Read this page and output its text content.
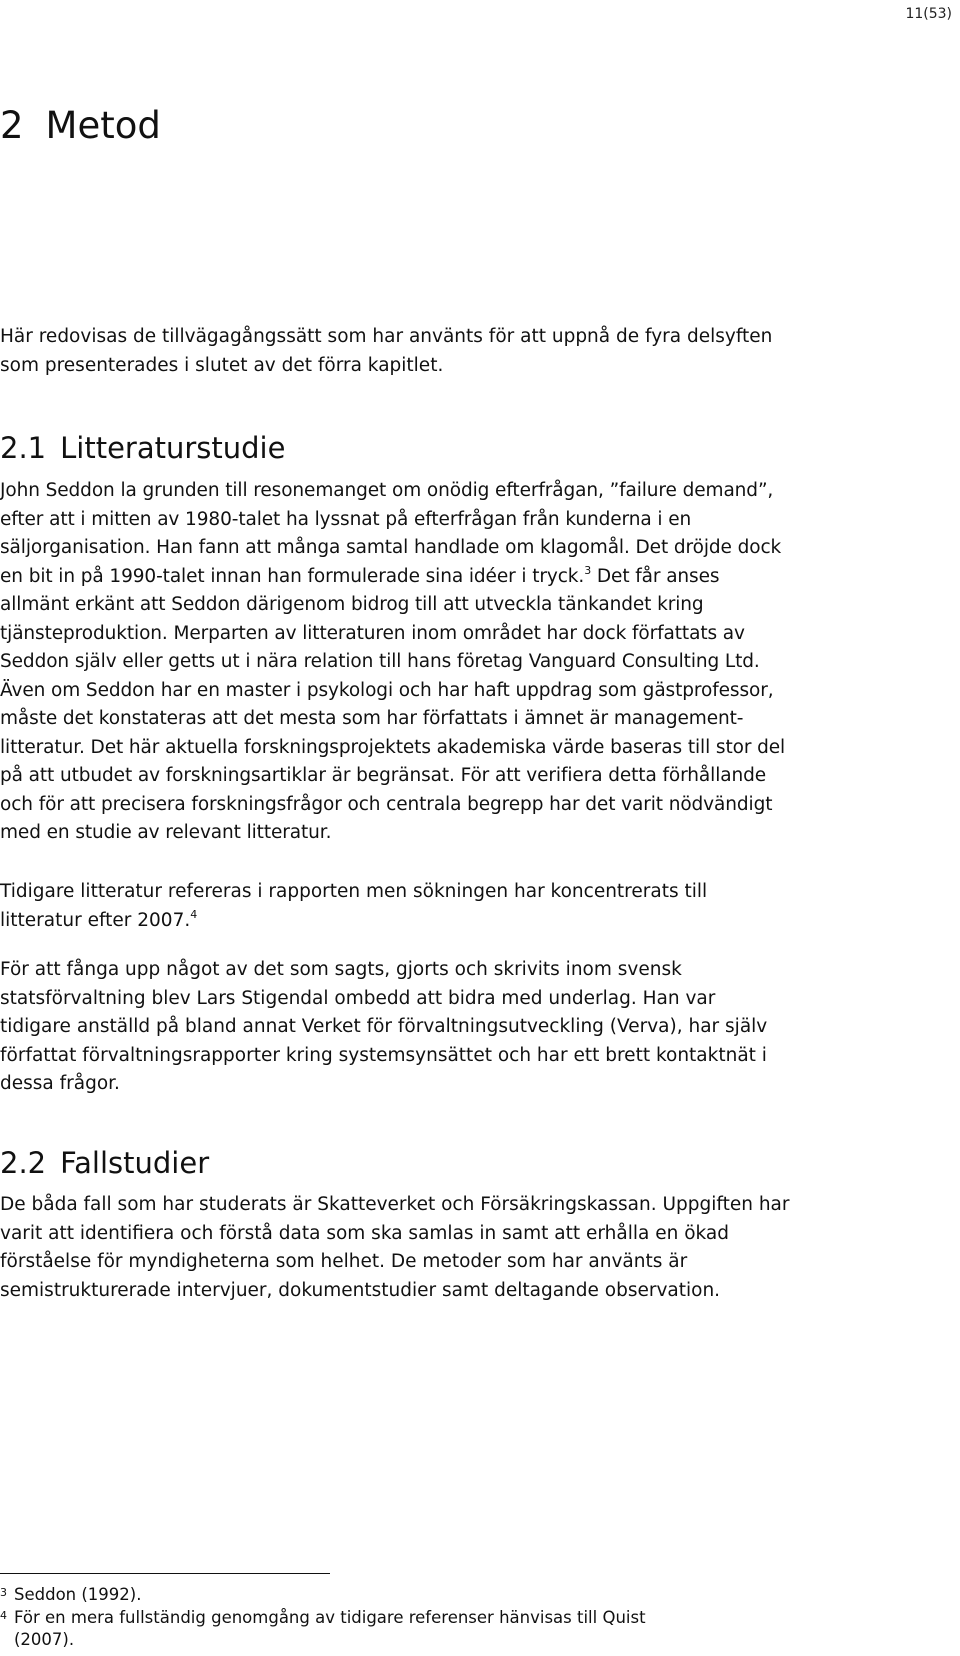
11(53)
2 Metod

Här redovisas de tillvägagångssätt som har använts för att uppnå de fyra delsyften som presenterades i slutet av det förra kapitlet.

2.1 Litteraturstudie

John Seddon la grunden till resonemanget om onödig efterfrågan, ”failure demand”, efter att i mitten av 1980-talet ha lyssnat på efterfrågan från kunderna i en säljorganisation. Han fann att många samtal handlade om klagomål. Det dröjde dock en bit in på 1990-talet innan han formulerade sina idéer i tryck.$^3$ Det får anses allmänt erkänt att Seddon därigenom bidrog till att utveckla tänkandet kring tjänsteproduktion. Merparten av litteraturen inom området har dock författats av Seddon själv eller getts ut i nära relation till hans företag Vanguard Consulting Ltd. Även om Seddon har en master i psykologi och har haft uppdrag som gästprofessor, måste det konstateras att det mesta som har författats i ämnet är management-litteratur. Det här aktuella forskningsprojektets akademiska värde baseras till stor del på att utbudet av forskningsartiklar är begränsat. För att verifiera detta förhållande och för att precisera forskningsfrågor och centrala begrepp har det varit nödvändigt med en studie av relevant litteratur.

Tidigare litteratur refereras i rapporten men sökningen har koncentrerats till litteratur efter 2007.$^4$

För att fånga upp något av det som sagts, gjorts och skrivits inom svensk statsförvaltning blev Lars Stigendal ombedd att bidra med underlag. Han var tidigare anställd på bland annat Verket för förvaltningsutveckling (Verva), har själv författat förvaltningsrapporter kring systemsynsättet och har ett brett kontaktnät i dessa frågor.

2.2 Fallstudier

De båda fall som har studerats är Skatteverket och Försäkringskassan. Uppgiften har varit att identifiera och förstå data som ska samlas in samt att erhålla en ökad förståelse för myndigheterna som helhet. De metoder som har använts är semistrukturerade intervjuer, dokumentstudier samt deltagande observation.

3 Seddon (1992).
4 För en mera fullständig genomgång av tidigare referenser hänvisas till Quist
(2007).
